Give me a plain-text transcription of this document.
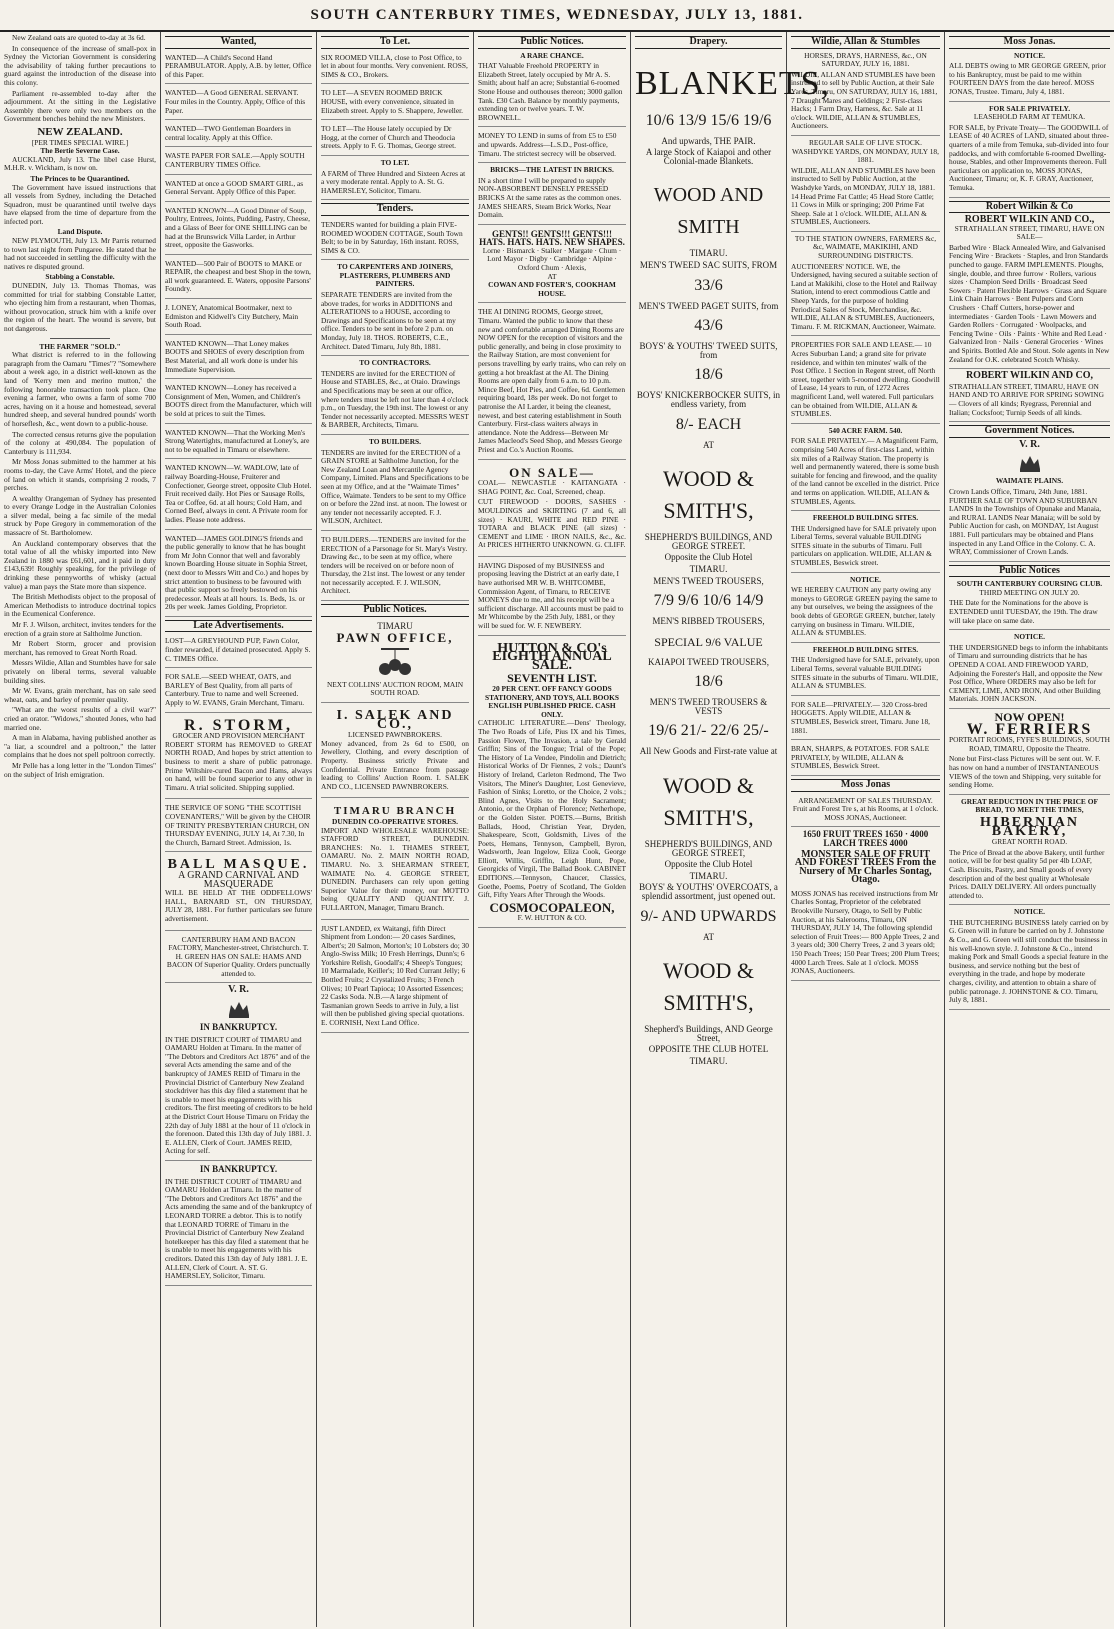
SOUTH CANTERBURY TIMES, WEDNESDAY, JULY 13, 1881.

New Zealand oats are quoted to-day at 3s 6d.

In consequence of the increase of small-pox in Sydney the Victorian Government is considering the advisability of taking further precautions to guard against the introduction of the disease into this colony.

Parliament re-assembled to-day after the adjournment. At the sitting in the Legislative Assembly there were only two members on the Government benches behind the new Ministers.

NEW ZEALAND.
[PER TIMES SPECIAL WIRE.]
The Bertie Severne Case.

AUCKLAND, July 13. The libel case Hurst, M.H.R. v. Wickham, is now on.

The Princes to be Quarantined.

The Government have issued instructions that all vessels from Sydney, including the Detached Squadron, must be quarantined until twelve days have elapsed from the time of departure from the infected port.

Land Dispute.

NEW PLYMOUTH, July 13. Mr Parris returned to town last night from Pungaree. He stated that he had not succeeded in settling the difficulty with the natives re disputed ground.

Stabbing a Constable.

DUNEDIN, July 13. Thomas Thomas, was committed for trial for stabbing Constable Latter, who ejecting him from a restaurant, when Thomas, without provocation, struck him with a knife over the region of the heart. The wound is severe, but not dangerous.

THE FARMER "SOLD."

What district is referred to in the following paragraph from the Oamaru "Times"? "Somewhere about a week ago, in a district well-known as the land of 'Kerry men and merino mutton,' the following honorable transaction took place. One evening a farmer, who owns a farm of some 700 acres, having on it a house and homestead, several hundred sheep, and several hundred pounds' worth of horseflesh, &c., went down to a public-house.

The corrected census returns give the population of the colony at 490,084. The population of Canterbury is 111,934.

Mr Moss Jonas submitted to the hammer at his rooms to-day, the Cave Arms' Hotel, and the piece of land on which it stands, comprising 2 roods, 7 perches.

A wealthy Orangeman of Sydney has presented to every Orange Lodge in the Australian Colonies a silver medal, being a fac simile of the medal struck by Pope Gregory in commemoration of the massacre of St. Bartholomew.

An Auckland contemporary observes that the total value of all the whisky imported into New Zealand in 1880 was £61,601, and it paid in duty £143,639! Roughly speaking, for the privilege of drinking these pennyworths of whisky (actual value) a man pays the State more than sixpence.

The British Methodists object to the proposal of American Methodists to introduce doctrinal topics in the Ecumenical Conference.

Mr F. J. Wilson, architect, invites tenders for the erection of a grain store at Saltholme Junction.

Mr Robert Storm, grocer and provision merchant, has removed to Great North Road.

Messrs Wildie, Allan and Stumbles have for sale privately on liberal terms, several valuable building sites.

Mr W. Evans, grain merchant, has on sale seed wheat, oats, and barley of premier quality.

"What are the worst results of a civil war?" cried an orator. "Widows," shouted Jones, who had married one.

A man in Alabama, having published another as "a liar, a scoundrel and a poltroon," the latter complains that he does not spell poltroon correctly.

Mr Pelle has a long letter in the "London Times" on the subject of Irish emigration.

Wanted,
WANTED—A Child's Second Hand PERAMBULATOR. Apply, A.B. by letter, Office of this Paper.
WANTED—A Good GENERAL SERVANT. Four miles in the Country. Apply, Office of this Paper.
WANTED—TWO Gentleman Boarders in central locality. Apply at this Office.
WASTE PAPER FOR SALE.—Apply SOUTH CANTERBURY TIMES Office.
WANTED at once a GOOD SMART GIRL, as General Servant. Apply Office of this Paper.
WANTED KNOWN—A Good Dinner of Soup, Poultry, Entrees, Joints, Pudding, Pastry, Cheese, and a Glass of Beer for ONE SHILLING can be had at the Brunswick Villa Larder, in Arthur street, opposite the Gasworks.
WANTED—500 Pair of BOOTS to MAKE or REPAIR, the cheapest and best Shop in the town, all work guaranteed. E. Waters, opposite Parsons' Foundry.
J. LONEY, Anatomical Bootmaker, next to Edmiston and Kidwell's City Butchery, Main South Road.
WANTED KNOWN—That Loney makes BOOTS and SHOES of every description from Best Material, and all work done is under his Immediate Supervision.
WANTED KNOWN—Loney has received a Consignment of Men, Women, and Children's BOOTS direct from the Manufacturer, which will be sold at prices to suit the Times.
WANTED KNOWN—That the Working Men's Strong Watertights, manufactured at Loney's, are not to be equalled in Timaru or elsewhere.
WANTED KNOWN—W. WADLOW, late of railway Boarding-House, Fruiterer and Confectioner, George street, opposite Club Hotel. Fruit received daily. Hot Pies or Sausage Rolls, Tea or Coffee, 6d. at all hours; Cold Ham, and Corned Beef, always in cent. A Private room for ladies. Please note address.
WANTED—JAMES GOLDING'S friends and the public generally to know that he has bought from Mr John Connor that well and favorably known Boarding House situate in Sophia Street, (next door to Messrs Witt and Co.) and hopes by strict attention to business to be favoured with that public support so freely bestowed on his predecessor. Meals at all hours. 1s. Beds, 1s. or 20s per week. James Golding, Proprietor.
Late Advertisements.
LOST—A GREYHOUND PUP, Fawn Color, finder rewarded, if detained prosecuted. Apply S. C. TIMES Office.
FOR SALE.—SEED WHEAT, OATS, and BARLEY of Best Quality, from all parts of Canterbury. True to name and well Screened. Apply to W. EVANS, Grain Merchant, Timaru.
R. STORM,
GROCER AND PROVISION MERCHANT

ROBERT STORM has REMOVED to GREAT NORTH ROAD, And hopes by strict attention to business to merit a share of public patronage. Prime Wiltshire-cured Bacon and Hams, always on hand, will be found superior to any other in Timaru. A trial solicited. Shipping supplied.

THE SERVICE OF SONG "THE SCOTTISH COVENANTERS," Will be given by the CHOIR OF TRINITY PRESBYTERIAN CHURCH, ON THURSDAY EVENING, JULY 14, At 7.30, In the Church, Barnard Street. Admission, 1s.
BALL MASQUE.
A GRAND CARNIVAL AND MASQUERADE

WILL BE HELD AT THE ODDFELLOWS' HALL, BARNARD ST., ON THURSDAY, JULY 28, 1881. For further particulars see future advertisement.

CANTERBURY HAM AND BACON FACTORY, Manchester-street, Christchurch. T. H. GREEN HAS ON SALE: HAMS AND BACON Of Superior Quality. Orders punctually attended to.
V. R.
IN BANKRUPTCY.
IN THE DISTRICT COURT of TIMARU and OAMARU Holden at Timaru. In the matter of "The Debtors and Creditors Act 1876" and of the several Acts amending the same and of the bankruptcy of JAMES REID of Timaru in the Provincial District of Canterbury New Zealand stockdriver has this day filed a statement that he is unable to meet his engagements with his creditors. The first meeting of creditors to be held at the District Court House Timaru on Friday the 22th day of July 1881 at the hour of 11 o'clock in the forenoon. Dated this 13th day of July 1881. J. E. ALLEN, Clerk of Court. JAMES REID, Acting for self.
IN BANKRUPTCY.
IN THE DISTRICT COURT of TIMARU and OAMARU Holden at Timaru. In the matter of "The Debtors and Creditors Act 1876" and the Acts amending the same and of the bankruptcy of LEONARD TORRE a debtor. This is to notify that LEONARD TORRE of Timaru in the Provincial District of Canterbury New Zealand hotelkeeper has this day filed a statement that he is unable to meet his engagements with his creditors. Dated this 13th day of July 1881. J. E. ALLEN, Clerk of Court. A. ST. G. HAMERSLEY, Solicitor, Timaru.
To Let.
SIX ROOMED VILLA, close to Post Office, to let in about four months. Very convenient. ROSS, SIMS & CO., Brokers.
TO LET—A SEVEN ROOMED BRICK HOUSE, with every convenience, situated in Elizabeth street. Apply to S. Shappere, Jeweller.
TO LET—The House lately occupied by Dr Hogg, at the corner of Church and Theodocia streets. Apply to F. G. Thomas, George street.
TO LET.
A FARM of Three Hundred and Sixteen Acres at a very moderate rental. Apply to A. St. G. HAMERSLEY, Solicitor, Timaru.
Tenders.
TENDERS wanted for building a plain FIVE-ROOMED WOODEN COTTAGE, South Town Belt; to be in by Saturday, 16th instant. ROSS, SIMS & CO.
TO CARPENTERS AND JOINERS, PLASTERERS, PLUMBERS AND PAINTERS.
SEPARATE TENDERS are invited from the above trades, for works in ADDITIONS and ALTERATIONS to a HOUSE, according to Drawings and Specifications to be seen at my office. Tenders to be sent in before 2 p.m. on Monday, July 18. THOS. ROBERTS, C.E., Architect. Dated Timaru, July 8th, 1881.
TO CONTRACTORS.
TENDERS are invited for the ERECTION of House and STABLES, &c., at Otaio. Drawings and Specifications may be seen at our office, where tenders must be left not later than 4 o'clock p.m., on Tuesday, the 19th inst. The lowest or any Tender not necessarily accepted. MESSRS WEST & BARBER, Architects, Timaru.
TO BUILDERS.
TENDERS are invited for the ERECTION of a GRAIN STORE at Saltholme Junction, for the New Zealand Loan and Mercantile Agency Company, Limited. Plans and Specifications to be seen at my Office, and at the "Waimate Times" Office, Waimate. Tenders to be sent to my Office on or before the 22nd inst. at noon. The lowest or any tender not necessarily accepted. F. J. WILSON, Architect.
TO BUILDERS.—TENDERS are invited for the ERECTION of a Parsonage for St. Mary's Vestry. Drawing &c., to be seen at my office, where tenders will be received on or before noon of Thursday, the 21st inst. The lowest or any tender not necessarily accepted. F. J. WILSON, Architect.
Public Notices.
TIMARU
PAWN OFFICE,
NEXT COLLINS' AUCTION ROOM, MAIN SOUTH ROAD.
I. SALEK AND CO.,
LICENSED PAWNBROKERS.

Money advanced, from 2s 6d to £500, on Jewellery, Clothing, and every description of Property. Business strictly Private and Confidential. Private Entrance from passage leading to Collins' Auction Room. I. SALEK AND CO., LICENSED PAWNBROKERS.

TIMARU BRANCH
DUNEDIN CO-OPERATIVE STORES.

IMPORT AND WHOLESALE WAREHOUSE: STAFFORD STREET, DUNEDIN. BRANCHES: No. 1. THAMES STREET, OAMARU. No. 2. MAIN NORTH ROAD, TIMARU. No. 3. SHEARMAN STREET, WAIMATE No. 4. GEORGE STREET, DUNEDIN. Purchasers can rely upon getting Superior Value for their money, our MOTTO being QUALITY AND QUANTITY. J. FULLARTON, Manager, Timaru Branch.

JUST LANDED, ex Waitangi, fifth Direct Shipment from London:— 20 cases Sardines, Albert's; 20 Salmon, Morton's; 10 Lobsters do; 30 Anglo-Swiss Milk; 10 Fresh Herrings, Dunn's; 6 Yorkshire Relish, Goodall's; 4 Sheep's Tongues; 10 Marmalade, Keiller's; 10 Red Currant Jelly; 6 Bottled Fruits; 2 Crystalized Fruits; 3 French Olives; 10 Pearl Tapioca; 10 Assorted Essences; 22 Casks Soda. N.B.—A large shipment of Tasmanian grown Seeds to arrive in July, a list will then be published giving special quotations. E. CORNISH, Next Land Office.
Public Notices.
A RARE CHANCE.
THAT Valuable Freehold PROPERTY in Elizabeth Street, lately occupied by Mr A. S. Smith; about half an acre; Substantial 6-roomed Stone House and outhouses thereon; 3000 gallon Tank. £30 Cash. Balance by monthly payments, extending ten or twelve years. T. W. BROWNELL.
MONEY TO LEND in sums of from £5 to £50 and upwards. Address—L.S.D., Post-office, Timaru. The strictest secrecy will be observed.
BRICKS—THE LATEST IN BRICKS.
IN a short time I will be prepared to supply NON-ABSORBENT DENSELY PRESSED BRICKS At the same rates as the common ones. JAMES SHEARS, Steam Brick Works, Near Domain.
GENTS!! GENTS!!! GENTS!!! HATS. HATS. HATS. NEW SHAPES.
Lorne · Bismarck · Stalker · Margate · Chum · Lord Mayor · Digby · Cambridge · Alpine · Oxford Chum · Alexis,
AT
COWAN AND FOSTER'S, COOKHAM HOUSE.
THE AI DINING ROOMS, George street, Timaru. Wanted the public to know that these new and comfortable arranged Dining Rooms are NOW OPEN for the reception of visitors and the public generally, and being in close proximity to the Railway Station, are most convenient for persons travelling by early trains, who can rely on getting a hot breakfast at the AI. The Dining Rooms are open daily from 6 a.m. to 10 p.m. Mince Beef, Hot Pies, and Coffee, 6d. Gentlemen requiring board, 18s per week. Do not forget to patronise the AI Larder, it being the cleanest, newest, and best catering establishment in South Canterbury. First-class waiters always in attendance. Note the Address—Between Mr James Macleod's Seed Shop, and Messrs George Priest and Co.'s Auction Rooms.
ON SALE—

COAL— NEWCASTLE · KAITANGATA · SHAG POINT, &c. Coal, Screened, cheap.

CUT FIREWOOD · DOORS, SASHES · MOULDINGS and SKIRTING (7 and 6, all sizes) · KAURI, WHITE and RED PINE · TOTARA and BLACK PINE (all sizes) · CEMENT and LIME · IRON NAILS, &c., &c. At PRICES HITHERTO UNKNOWN. G. CLIFF.

HAVING Disposed of my BUSINESS and proposing leaving the District at an early date, I have authorised MR W. B. WHITCOMBE, Commission Agent, of Timaru, to RECEIVE MONEYS due to me, and his receipt will be a sufficient discharge. All accounts must be paid to Mr Whitcombe by the 25th July, 1881, or they will be sued for. W. F. NEWBERY.
HUTTON & CO's EIGHTH ANNUAL SALE.
SEVENTH LIST.
20 PER CENT. OFF FANCY GOODS STATIONERY, AND TOYS, ALL BOOKS ENGLISH PUBLISHED PRICE. CASH ONLY.

CATHOLIC LITERATURE.—Dens' Theology, The Two Roads of Life, Pius IX and his Times, Passion Flower, The Invasion, a tale by Gerald Griffin; Sins of the Tongue; Trial of the Pope; The History of La Vendee, Pindolin and Dietrich; Historical Works of Dr Fiennes, 2 vols.; Daunt's History of Ireland, Carleton Redmond, The Two Visitors, The Miner's Daughter, Lost Genevieve, Fashion of Sinks; Loretto, or the Choice, 2 vols.; Blind Agnes, Visits to the Holy Sacrament; Antonio, or the Orphan of Florence; Netherhope, or the Golden Sister. POETS.—Burns, British Ballads, Hood, Christian Year, Dryden, Shakespeare, Scott, Goldsmith, Lives of the Poets, Hemans, Tennyson, Campbell, Byron, Wadsworth, Jean Ingelow, Eliza Cook, George Elliott, Willis, Griffin, Leigh Hunt, Pope, Georgicks of Virgil, The Ballad Book. CABINET EDITIONS.—Tennyson, Chaucer, Classics, Goethe, Poems, Poetry of Scotland, The Golden Gift, Fifty Years After Through the Woods.

COSMOCOPALEON,
F. W. HUTTON & CO.
Drapery.
BLANKETS,
10/6 13/9 15/6 19/6
And upwards, THE PAIR.
A large Stock of Kaiapoi and other Colonial-made Blankets.
WOOD AND SMITH
TIMARU.
MEN'S TWEED SAC SUITS, FROM
33/6
MEN'S TWEED PAGET SUITS, from
43/6
BOYS' & YOUTHS' TWEED SUITS, from
18/6
BOYS' KNICKERBOCKER SUITS, in endless variety, from
8/- EACH
AT
WOOD & SMITH'S,
SHEPHERD'S BUILDINGS, AND GEORGE STREET.
Opposite the Club Hotel
TIMARU.
MEN'S TWEED TROUSERS,
7/9 9/6 10/6 14/9
MEN'S RIBBED TROUSERS,
SPECIAL 9/6 VALUE
KAIAPOI TWEED TROUSERS,
18/6
MEN'S TWEED TROUSERS & VESTS
19/6 21/- 22/6 25/-
All New Goods and First-rate value at
WOOD & SMITH'S,
SHEPHERD'S BUILDINGS, AND GEORGE STREET,
Opposite the Club Hotel
TIMARU.
BOYS' & YOUTHS' OVERCOATS, a splendid assortment, just opened out.
9/- AND UPWARDS
AT
WOOD & SMITH'S,
Shepherd's Buildings, AND George Street,
OPPOSITE THE CLUB HOTEL
TIMARU.
Wildie, Allan & Stumbles
HORSES, DRAYS, HARNESS, &c., ON SATURDAY, JULY 16, 1881.
WILDIE, ALLAN AND STUMBLES have been instructed to sell by Public Auction, at their Sale Yards, Timaru, ON SATURDAY, JULY 16, 1881, 7 Draught Mares and Geldings; 2 First-class Hacks; 1 Farm Dray, Harness, &c. Sale at 11 o'clock. WILDIE, ALLAN & STUMBLES, Auctioneers.
REGULAR SALE OF LIVE STOCK. WASHDYKE YARDS, ON MONDAY, JULY 18, 1881.
WILDIE, ALLAN AND STUMBLES have been instructed to Sell by Public Auction, at the Washdyke Yards, on MONDAY, JULY 18, 1881. 14 Head Prime Fat Cattle; 45 Head Store Cattle; 11 Cows in Milk or springing; 200 Prime Fat Sheep. Sale at 1 o'clock. WILDIE, ALLAN & STUMBLES, Auctioneers.
TO THE STATION OWNERS, FARMERS &c, &c, WAIMATE, MAKIKIHI, AND SURROUNDING DISTRICTS.
AUCTIONEERS' NOTICE. WE, the Undersigned, having secured a suitable section of Land at Makikihi, close to the Hotel and Railway Station, intend to erect commodious Cattle and Sheep Yards, for the purpose of holding Periodical Sales of Stock, Merchandise, &c. WILDIE, ALLAN & STUMBLES, Auctioneers, Timaru. F. M. RICKMAN, Auctioneer, Waimate.
PROPERTIES FOR SALE AND LEASE.— 10 Acres Suburban Land; a grand site for private residence, and within ten minutes' walk of the Post Office. 1 Section in Regent street, off North street, together with 5-roomed dwelling. Goodwill of Lease, 14 years to run, of 1272 Acres magnificent Land, well watered. Full particulars can be obtained from WILDIE, ALLAN & STUMBLES.
540 ACRE FARM. 540.
FOR SALE PRIVATELY.— A Magnificent Farm, comprising 540 Acres of first-class Land, within six miles of a Railway Station. The property is well and permanently watered, there is some bush suitable for fencing and firewood, and the quality of the land cannot be excelled in the district. Price and terms on application. WILDIE, ALLAN & STUMBLES, Agents.
FREEHOLD BUILDING SITES.
THE Undersigned have for SALE privately upon Liberal Terms, several valuable BUILDING SITES situate in the suburbs of Timaru. Full particulars on application. WILDIE, ALLAN & STUMBLES, Beswick street.
NOTICE.
WE HEREBY CAUTION any party owing any moneys to GEORGE GREEN paying the same to any but ourselves, we being the assignees of the book debts of GEORGE GREEN, butcher, lately carrying on business in Timaru. WILDIE, ALLAN & STUMBLES.
FREEHOLD BUILDING SITES.
THE Undersigned have for SALE, privately, upon Liberal Terms, several valuable BUILDING SITES situate in the suburbs of Timaru. WILDIE, ALLAN & STUMBLES.
FOR SALE—PRIVATELY.— 320 Cross-bred HOGGETS. Apply WILDIE, ALLAN & STUMBLES, Beswick street, Timaru. June 18, 1881.
BRAN, SHARPS, & POTATOES. FOR SALE PRIVATELY, by WILDIE, ALLAN & STUMBLES, Beswick Street.
Moss Jonas
ARRANGEMENT OF SALES THURSDAY. Fruit and Forest Tre s, at his Rooms, at 1 o'clock. MOSS JONAS, Auctioneer.
1650 FRUIT TREES 1650 · 4000 LARCH TREES 4000
MONSTER SALE OF FRUIT AND FOREST TREES From the Nursery of Mr Charles Sontag, Otago.
MOSS JONAS has received instructions from Mr Charles Sontag, Proprietor of the celebrated Brookville Nursery, Otago, to Sell by Public Auction, at his Salerooms, Timaru, ON THURSDAY, JULY 14, The following splendid selection of Fruit Trees:— 800 Apple Trees, 2 and 3 years old; 300 Cherry Trees, 2 and 3 years old; 150 Peach Trees; 150 Pear Trees; 200 Plum Trees; 4000 Larch Trees. Sale at 1 o'clock. MOSS JONAS, Auctioneers.
Moss Jonas.
NOTICE.
ALL DEBTS owing to MR GEORGE GREEN, prior to his Bankruptcy, must be paid to me within FOURTEEN DAYS from the date hereof. MOSS JONAS, Trustee. Timaru, July 4, 1881.
FOR SALE PRIVATELY.
LEASEHOLD FARM AT TEMUKA.
FOR SALE, by Private Treaty— The GOODWILL of LEASE of 40 ACRES of LAND, situated about three-quarters of a mile from Temuka, sub-divided into four paddocks, and with comfortable 6-roomed Dwelling-house, Stables, and other Improvements thereon. Full particulars on application to, MOSS JONAS, Auctioneer, Timaru; or, K. F. GRAY, Auctioneer, Temuka.
Robert Wilkin & Co
ROBERT WILKIN AND CO.,
STRATHALLAN STREET, TIMARU, HAVE ON SALE—
Barbed Wire · Black Annealed Wire, and Galvanised Fencing Wire · Brackets · Staples, and Iron Standards punched to gauge. FARM IMPLEMENTS. Ploughs, single, double, and three furrow · Rollers, various sizes · Champion Seed Drills · Broadcast Seed Sowers · Patent Flexible Harrows · Grass and Square Link Chain Harrows · Bent Pulpers and Corn Crushers · Chaff Cutters, horse-power and intermediates · Garden Tools · Lawn Mowers and Garden Rollers · Corrugated · Woolpacks, and Fencing Twine · Oils · Paints · White and Red Lead · Galvanized Iron · Nails · General Groceries · Wines and Spirits. Bottled Ale and Stout. Sole agents in New Zealand for O.K. celebrated Scotch Whisky.
ROBERT WILKIN AND CO,
STRATHALLAN STREET, TIMARU, HAVE ON HAND AND TO ARRIVE FOR SPRING SOWING— Clovers of all kinds; Ryegrass, Perennial and Italian; Cocksfoot; Turnip Seeds of all kinds.
Government Notices.
V. R.
WAIMATE PLAINS.
Crown Lands Office, Timaru, 24th June, 1881. FURTHER SALE OF TOWN AND SUBURBAN LANDS In the Townships of Opunake and Manaia, and RURAL LANDS Near Manaia; will be sold by Public Auction for cash, on MONDAY, 1st August 1881. Full particulars may be obtained and Plans inspected in any Land Office in the Colony. C. A. WRAY, Commissioner of Crown Lands.
Public Notices
SOUTH CANTERBURY COURSING CLUB.
THIRD MEETING ON JULY 20.
THE Date for the Nominations for the above is EXTENDED until TUESDAY, the 19th. The draw will take place on same date.
NOTICE.
THE UNDERSIGNED begs to inform the inhabitants of Timaru and surrounding districts that he has OPENED A COAL AND FIREWOOD YARD, Adjoining the Forester's Hall, and opposite the New Post Office, Where ORDERS may also be left for CEMENT, LIME, AND IRON, And other Building Materials. JOHN JACKSON.
NOW OPEN!
W. FERRIERS
PORTRAIT ROOMS, FYFE'S BUILDINGS, SOUTH ROAD, TIMARU, Opposite the Theatre.
None but First-class Pictures will be sent out. W. F. has now on hand a number of INSTANTANEOUS VIEWS of the town and Shipping, very suitable for sending Home.
GREAT REDUCTION IN THE PRICE OF BREAD, TO MEET THE TIMES,
HIBERNIAN BAKERY,
GREAT NORTH ROAD.
The Price of Bread at the above Bakery, until further notice, will be for best quality 5d per 4lb LOAF, Cash. Biscuits, Pastry, and Small goods of every description and of the best quality at Wholesale Prices. DAILY DELIVERY. All orders punctually attended to.
NOTICE.
THE BUTCHERING BUSINESS lately carried on by G. Green will in future be carried on by J. Johnstone & Co., and G. Green will still conduct the business in his well-known style. J. Johnstone & Co., intend making Pork and Small Goods a special feature in the business, and service nothing but the best of everything in the trade, and hope by moderate charges, civility, and attention to obtain a share of public patronage. J. JOHNSTONE & CO. Timaru, July 8, 1881.
